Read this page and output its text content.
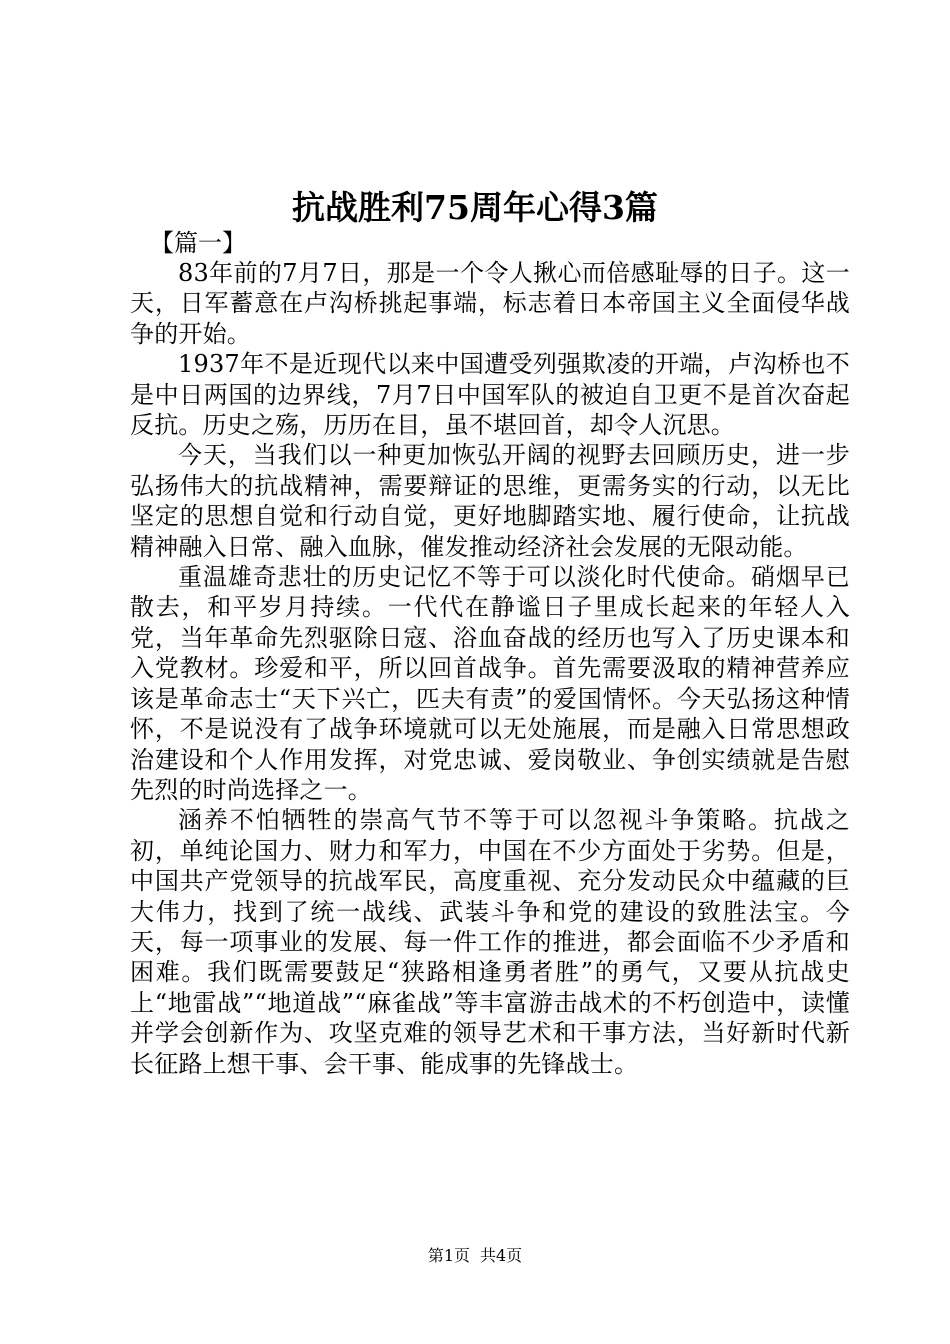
抗战胜利75周年心得3篇

【篇一】

83年前的7月7日，那是一个令人揪心而倍感耻辱的日子。这一天，日军蓄意在卢沟桥挑起事端，标志着日本帝国主义全面侵华战争的开始。

1937年不是近现代以来中国遭受列强欺凌的开端，卢沟桥也不是中日两国的边界线，7月7日中国军队的被迫自卫更不是首次奋起反抗。历史之殇，历历在目，虽不堪回首，却令人沉思。

今天，当我们以一种更加恢弘开阔的视野去回顾历史，进一步弘扬伟大的抗战精神，需要辩证的思维，更需务实的行动，以无比坚定的思想自觉和行动自觉，更好地脚踏实地、履行使命，让抗战精神融入日常、融入血脉，催发推动经济社会发展的无限动能。

重温雄奇悲壮的历史记忆不等于可以淡化时代使命。硝烟早已散去，和平岁月持续。一代代在静谧日子里成长起来的年轻人入党，当年革命先烈驱除日寇、浴血奋战的经历也写入了历史课本和入党教材。珍爱和平，所以回首战争。首先需要汲取的精神营养应该是革命志士“天下兴亡，匹夫有责”的爱国情怀。今天弘扬这种情怀，不是说没有了战争环境就可以无处施展，而是融入日常思想政治建设和个人作用发挥，对党忠诚、爱岗敬业、争创实绩就是告慰先烈的时尚选择之一。

涵养不怕牺牲的崇高气节不等于可以忽视斗争策略。抗战之初，单纯论国力、财力和军力，中国在不少方面处于劣势。但是，中国共产党领导的抗战军民，高度重视、充分发动民众中蕴藏的巨大伟力，找到了统一战线、武装斗争和党的建设的致胜法宝。今天，每一项事业的发展、每一件工作的推进，都会面临不少矛盾和困难。我们既需要鼓足“狭路相逢勇者胜”的勇气，又要从抗战史上“地雷战”“地道战”“麻雀战”等丰富游击战术的不朽创造中，读懂并学会创新作为、攻坚克难的领导艺术和干事方法，当好新时代新长征路上想干事、会干事、能成事的先锋战士。

第1页 共4页
